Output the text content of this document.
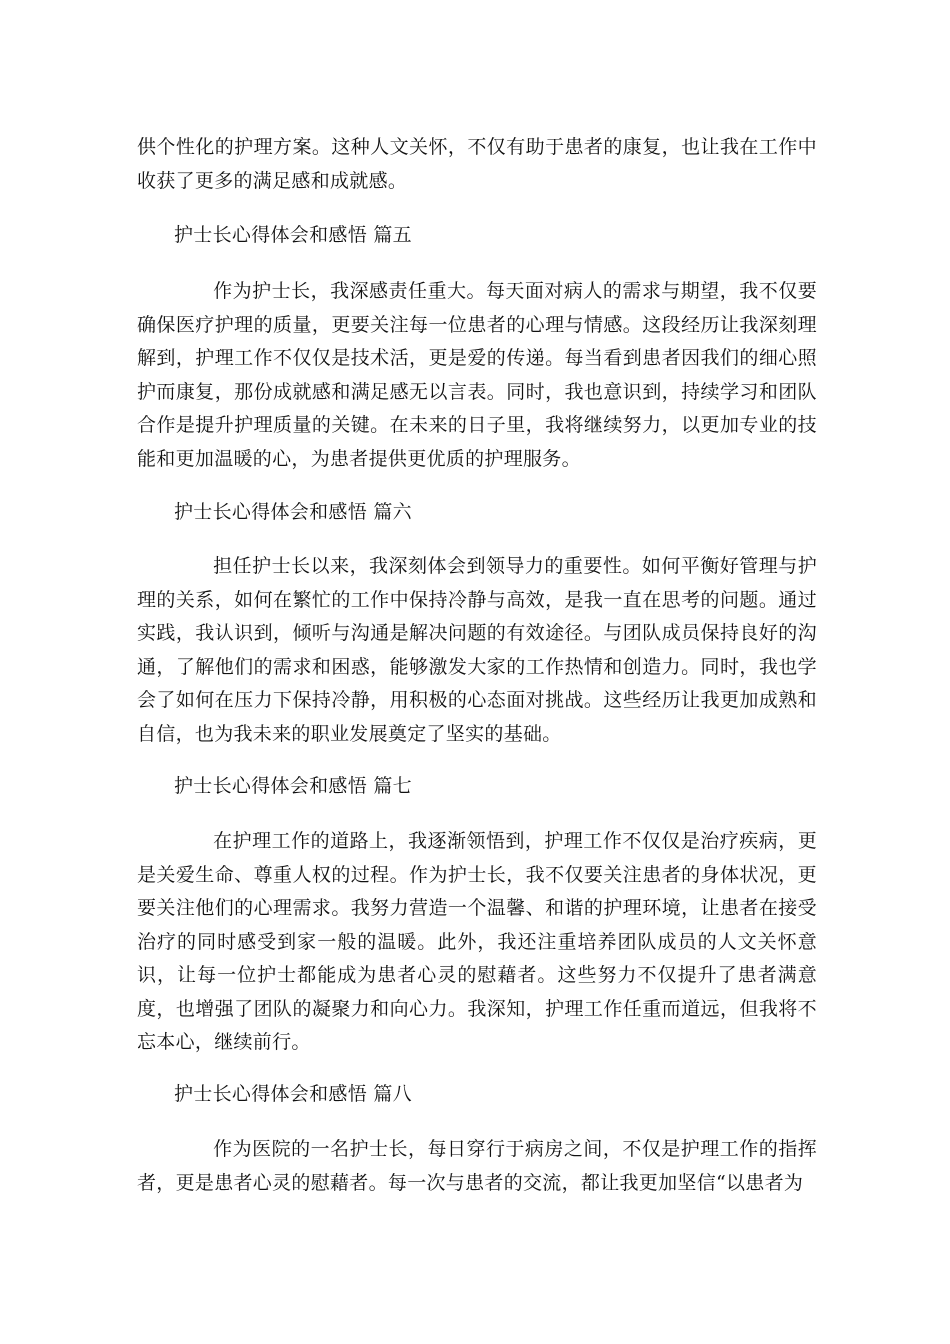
供个性化的护理方案。这种人文关怀，不仅有助于患者的康复，也让我在工作中收获了更多的满足感和成就感。

护士长心得体会和感悟 篇五

作为护士长，我深感责任重大。每天面对病人的需求与期望，我不仅要确保医疗护理的质量，更要关注每一位患者的心理与情感。这段经历让我深刻理解到，护理工作不仅仅是技术活，更是爱的传递。每当看到患者因我们的细心照护而康复，那份成就感和满足感无以言表。同时，我也意识到，持续学习和团队合作是提升护理质量的关键。在未来的日子里，我将继续努力，以更加专业的技能和更加温暖的心，为患者提供更优质的护理服务。

护士长心得体会和感悟 篇六

担任护士长以来，我深刻体会到领导力的重要性。如何平衡好管理与护理的关系，如何在繁忙的工作中保持冷静与高效，是我一直在思考的问题。通过实践，我认识到，倾听与沟通是解决问题的有效途径。与团队成员保持良好的沟通，了解他们的需求和困惑，能够激发大家的工作热情和创造力。同时，我也学会了如何在压力下保持冷静，用积极的心态面对挑战。这些经历让我更加成熟和自信，也为我未来的职业发展奠定了坚实的基础。

护士长心得体会和感悟 篇七

在护理工作的道路上，我逐渐领悟到，护理工作不仅仅是治疗疾病，更是关爱生命、尊重人权的过程。作为护士长，我不仅要关注患者的身体状况，更要关注他们的心理需求。我努力营造一个温馨、和谐的护理环境，让患者在接受治疗的同时感受到家一般的温暖。此外，我还注重培养团队成员的人文关怀意识，让每一位护士都能成为患者心灵的慰藉者。这些努力不仅提升了患者满意度，也增强了团队的凝聚力和向心力。我深知，护理工作任重而道远，但我将不忘本心，继续前行。

护士长心得体会和感悟 篇八

作为医院的一名护士长，每日穿行于病房之间，不仅是护理工作的指挥者，更是患者心灵的慰藉者。每一次与患者的交流，都让我更加坚信“以患者为
